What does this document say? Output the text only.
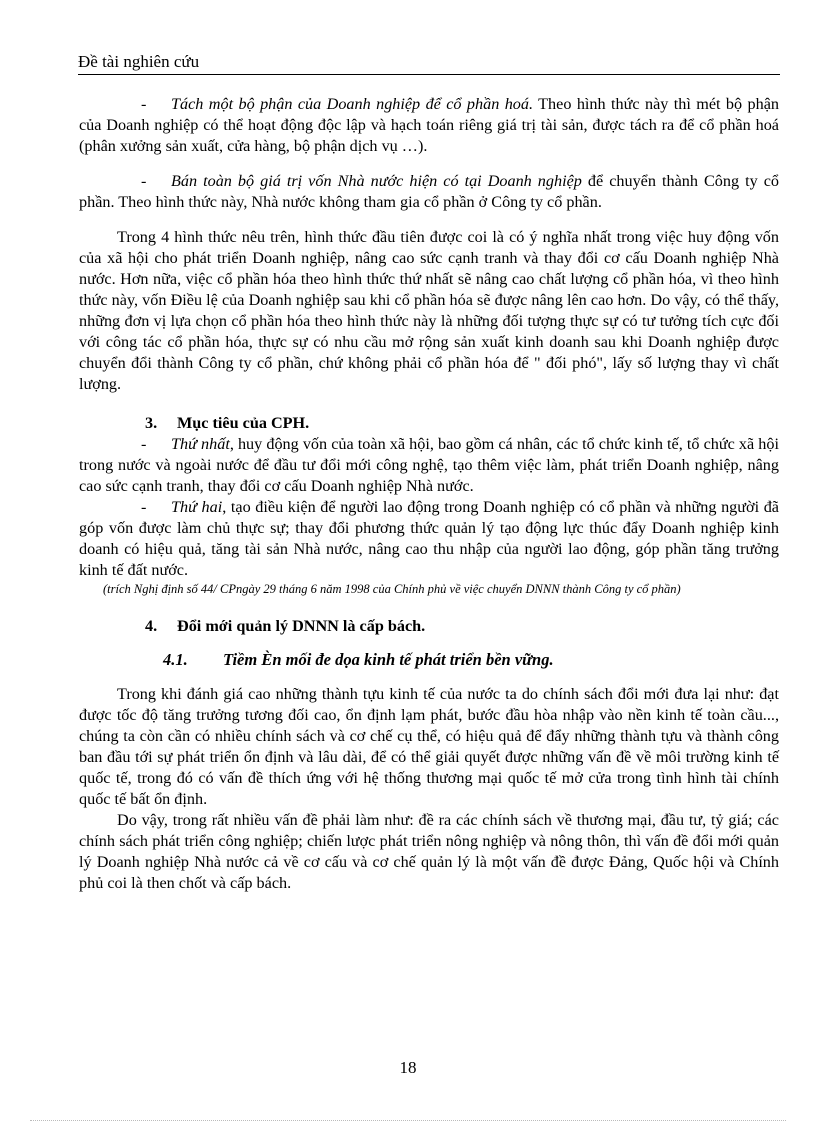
Đề tài nghiên cứu

- Tách một bộ phận của Doanh nghiệp để cổ phần hoá. Theo hình thức này thì mét bộ phận của Doanh nghiệp có thể hoạt động độc lập và hạch toán riêng giá trị tài sản, được tách ra để cổ phần hoá (phân xưởng sản xuất, cửa hàng, bộ phận dịch vụ …).

- Bán toàn bộ giá trị vốn Nhà nước hiện có tại Doanh nghiệp để chuyển thành Công ty cổ phần. Theo hình thức này, Nhà nước không tham gia cổ phần ở Công ty cổ phần.

Trong 4 hình thức nêu trên, hình thức đầu tiên được coi là có ý nghĩa nhất trong việc huy động vốn của xã hội cho phát triển Doanh nghiệp, nâng cao sức cạnh tranh và thay đổi cơ cấu Doanh nghiệp Nhà nước. Hơn nữa, việc cổ phần hóa theo hình thức thứ nhất sẽ nâng cao chất lượng cổ phần hóa, vì theo hình thức này, vốn Điều lệ của Doanh nghiệp sau khi cổ phần hóa sẽ được nâng lên cao hơn. Do vậy, có thể thấy, những đơn vị lựa chọn cổ phần hóa theo hình thức này là những đối tượng thực sự có tư tưởng tích cực đối với công tác cổ phần hóa, thực sự có nhu cầu mở rộng sản xuất kinh doanh sau khi Doanh nghiệp được chuyển đổi thành Công ty cổ phần, chứ không phải cổ phần hóa để " đối phó", lấy số lượng thay vì chất lượng.

3. Mục tiêu của CPH.

- Thứ nhất, huy động vốn của toàn xã hội, bao gồm cá nhân, các tổ chức kinh tế, tổ chức xã hội trong nước và ngoài nước để đầu tư đổi mới công nghệ, tạo thêm việc làm, phát triển Doanh nghiệp, nâng cao sức cạnh tranh, thay đổi cơ cấu Doanh nghiệp Nhà nước.

- Thứ hai, tạo điều kiện để người lao động trong Doanh nghiệp có cổ phần và những người đã góp vốn được làm chủ thực sự; thay đổi phương thức quản lý tạo động lực thúc đẩy Doanh nghiệp kinh doanh có hiệu quả, tăng tài sản Nhà nước, nâng cao thu nhập của người lao động, góp phần tăng trưởng kinh tế đất nước.

(trích Nghị định số 44/ CPngày 29 tháng 6 năm 1998 của Chính phủ về việc chuyển DNNN thành Công ty cổ phần)

4. Đổi mới quản lý DNNN là cấp bách.

4.1. Tiềm Èn mối đe dọa kinh tế phát triển bền vững.

Trong khi đánh giá cao những thành tựu kinh tế của nước ta do chính sách đổi mới đưa lại như: đạt được tốc độ tăng trưởng tương đối cao, ổn định lạm phát, bước đầu hòa nhập vào nền kinh tế toàn cầu..., chúng ta còn cần có nhiều chính sách và cơ chế cụ thể, có hiệu quả để đẩy những thành tựu và thành công ban đầu tới sự phát triển ổn định và lâu dài, để có thể giải quyết được những vấn đề về môi trường kinh tế quốc tế, trong đó có vấn đề thích ứng với hệ thống thương mại quốc tế mở cửa trong tình hình tài chính quốc tế bất ổn định.

Do vậy, trong rất nhiều vấn đề phải làm như: đề ra các chính sách về thương mại, đầu tư, tỷ giá; các chính sách phát triển công nghiệp; chiến lược phát triển nông nghiệp và nông thôn, thì vấn đề đổi mới quản lý Doanh nghiệp Nhà nước cả về cơ cấu và cơ chế quản lý là một vấn đề được Đảng, Quốc hội và Chính phủ coi là then chốt và cấp bách.

18
